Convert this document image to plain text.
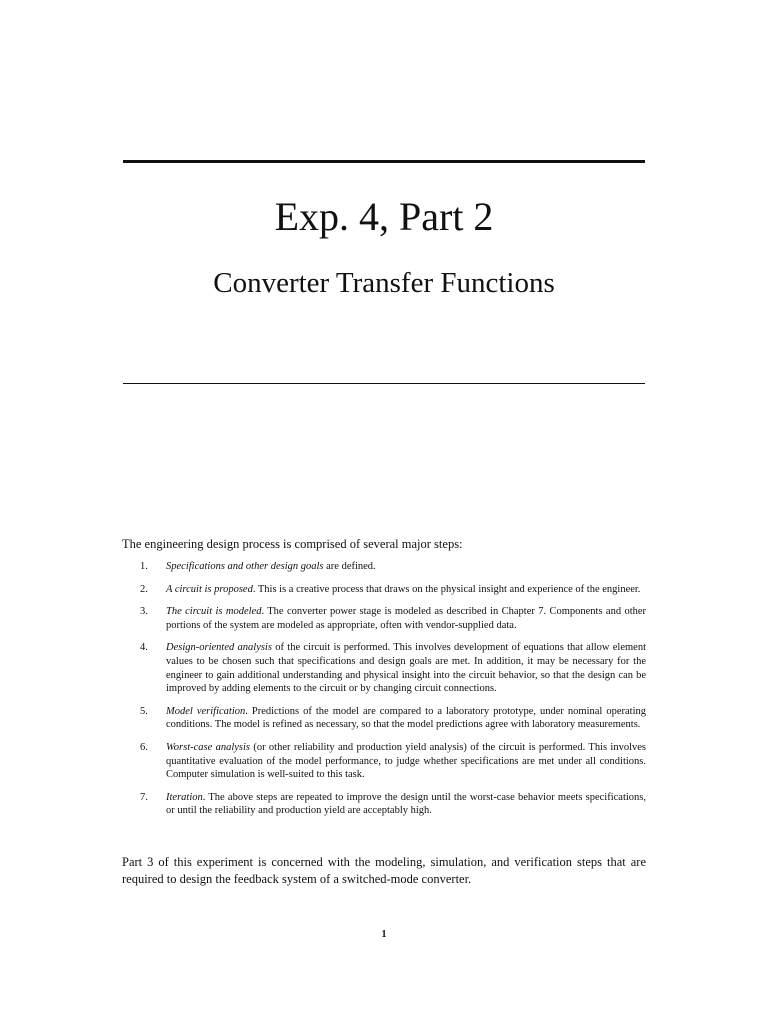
Exp. 4, Part 2
Converter Transfer Functions

The engineering design process is comprised of several major steps:

1.	Specifications and other design goals are defined.
2.	A circuit is proposed. This is a creative process that draws on the physical insight and experience of the engineer.
3.	The circuit is modeled. The converter power stage is modeled as described in Chapter 7. Components and other portions of the system are modeled as appropriate, often with vendor-supplied data.
4.	Design-oriented analysis of the circuit is performed. This involves development of equations that allow element values to be chosen such that specifications and design goals are met. In addition, it may be necessary for the engineer to gain additional understanding and physical insight into the circuit behavior, so that the design can be improved by adding elements to the circuit or by changing circuit connections.
5.	Model verification. Predictions of the model are compared to a laboratory prototype, under nominal operating conditions. The model is refined as necessary, so that the model predictions agree with laboratory measurements.
6.	Worst-case analysis (or other reliability and production yield analysis) of the circuit is performed. This involves quantitative evaluation of the model performance, to judge whether specifications are met under all conditions. Computer simulation is well-suited to this task.
7.	Iteration. The above steps are repeated to improve the design until the worst-case behavior meets specifications, or until the reliability and production yield are acceptably high.

Part 3 of this experiment is concerned with the modeling, simulation, and verification steps that are required to design the feedback system of a switched-mode converter.

1
